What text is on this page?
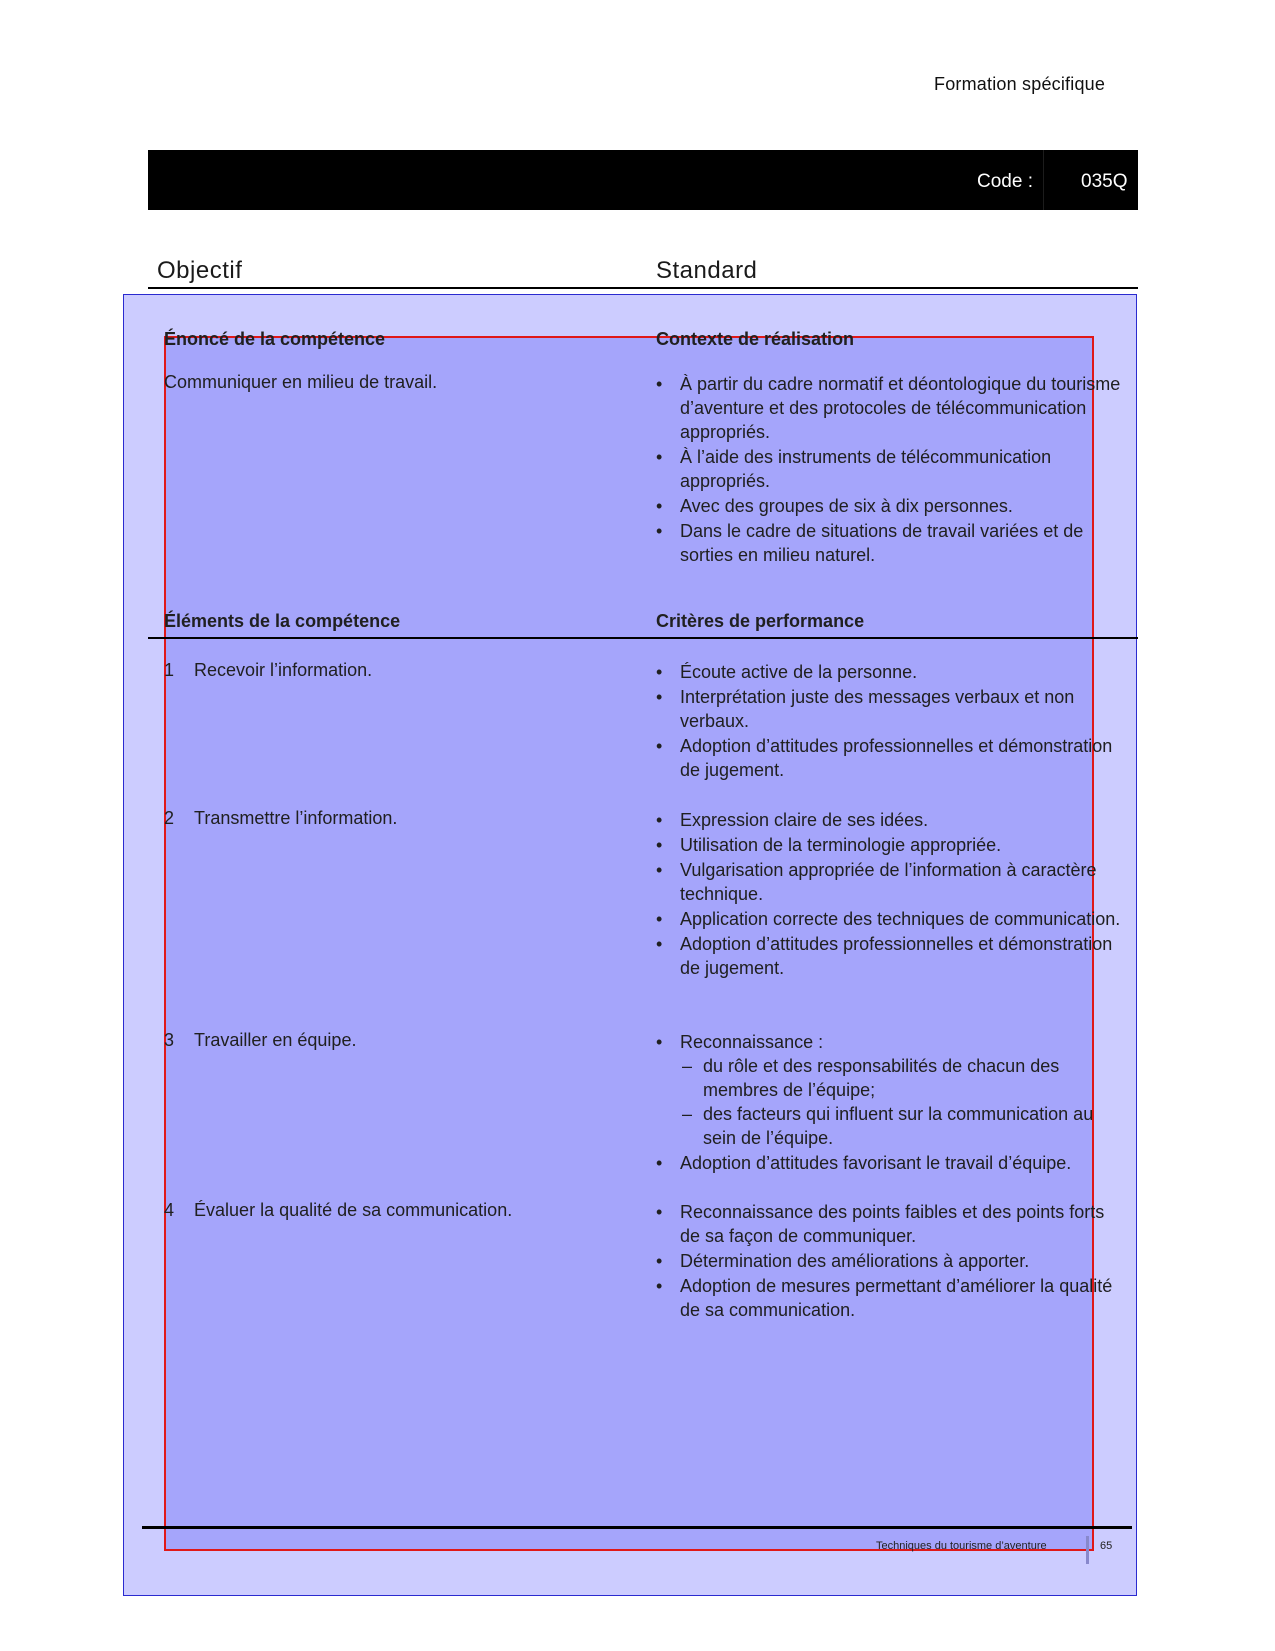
Formation spécifique
Code :	035Q
Objectif	Standard
Énoncé de la compétence	Contexte de réalisation
Communiquer en milieu de travail.	• À partir du cadre normatif et déontologique du tourisme d’aventure et des protocoles de télécommunication appropriés.
• À l’aide des instruments de télécommunication appropriés.
• Avec des groupes de six à dix personnes.
• Dans le cadre de situations de travail variées et de sorties en milieu naturel.
Éléments de la compétence	Critères de performance
1 Recevoir l’information.	• Écoute active de la personne.
• Interprétation juste des messages verbaux et non verbaux.
• Adoption d’attitudes professionnelles et démonstration de jugement.
2 Transmettre l’information.	• Expression claire de ses idées.
• Utilisation de la terminologie appropriée.
• Vulgarisation appropriée de l’information à caractère technique.
• Application correcte des techniques de communication.
• Adoption d’attitudes professionnelles et démonstration de jugement.
3 Travailler en équipe.	• Reconnaissance :
– du rôle et des responsabilités de chacun des membres de l’équipe;
– des facteurs qui influent sur la communication au sein de l’équipe.
• Adoption d’attitudes favorisant le travail d’équipe.
4 Évaluer la qualité de sa communication.	• Reconnaissance des points faibles et des points forts de sa façon de communiquer.
• Détermination des améliorations à apporter.
• Adoption de mesures permettant d’améliorer la qualité de sa communication.
Techniques du tourisme d’aventure	65
